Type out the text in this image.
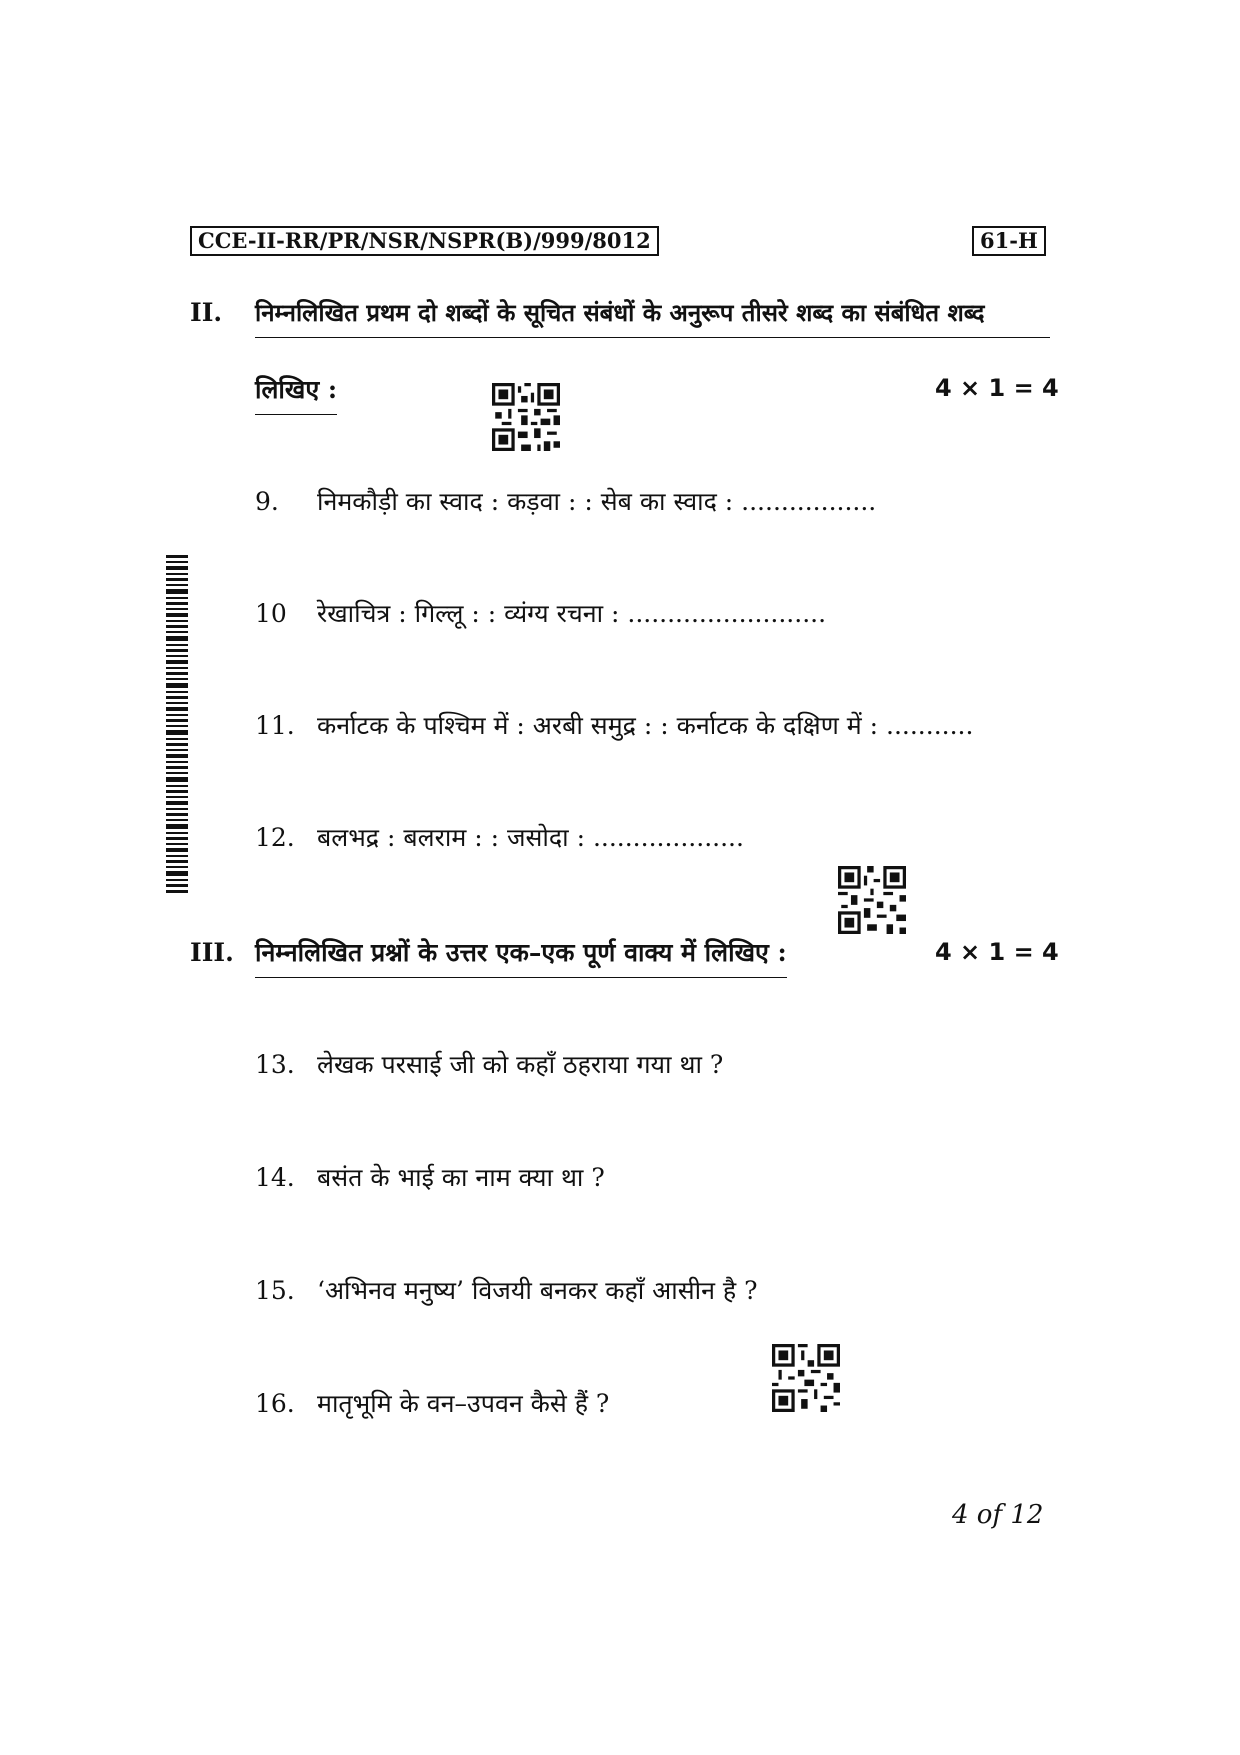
CCE-II-RR/PR/NSR/NSPR(B)/999/8012	61-H
II. निम्नलिखित प्रथम दो शब्दों के सूचित संबंधों के अनुरूप तीसरे शब्द का संबंधित शब्द
लिखिए :	4 × 1 = 4
9. निमकौड़ी का स्वाद : कड़वा : : सेब का स्वाद : .................
10 रेखाचित्र : गिल्लू : : व्यंग्य रचना : .........................
11. कर्नाटक के पश्चिम में : अरबी समुद्र : : कर्नाटक के दक्षिण में : ...........
12. बलभद्र : बलराम : : जसोदा : ...................
III. निम्नलिखित प्रश्नों के उत्तर एक–एक पूर्ण वाक्य में लिखिए :	4 × 1 = 4
13. लेखक परसाई जी को कहाँ ठहराया गया था ?
14. बसंत के भाई का नाम क्या था ?
15. ‘अभिनव मनुष्य’ विजयी बनकर कहाँ आसीन है ?
16. मातृभूमि के वन–उपवन कैसे हैं ?
4 of 12
